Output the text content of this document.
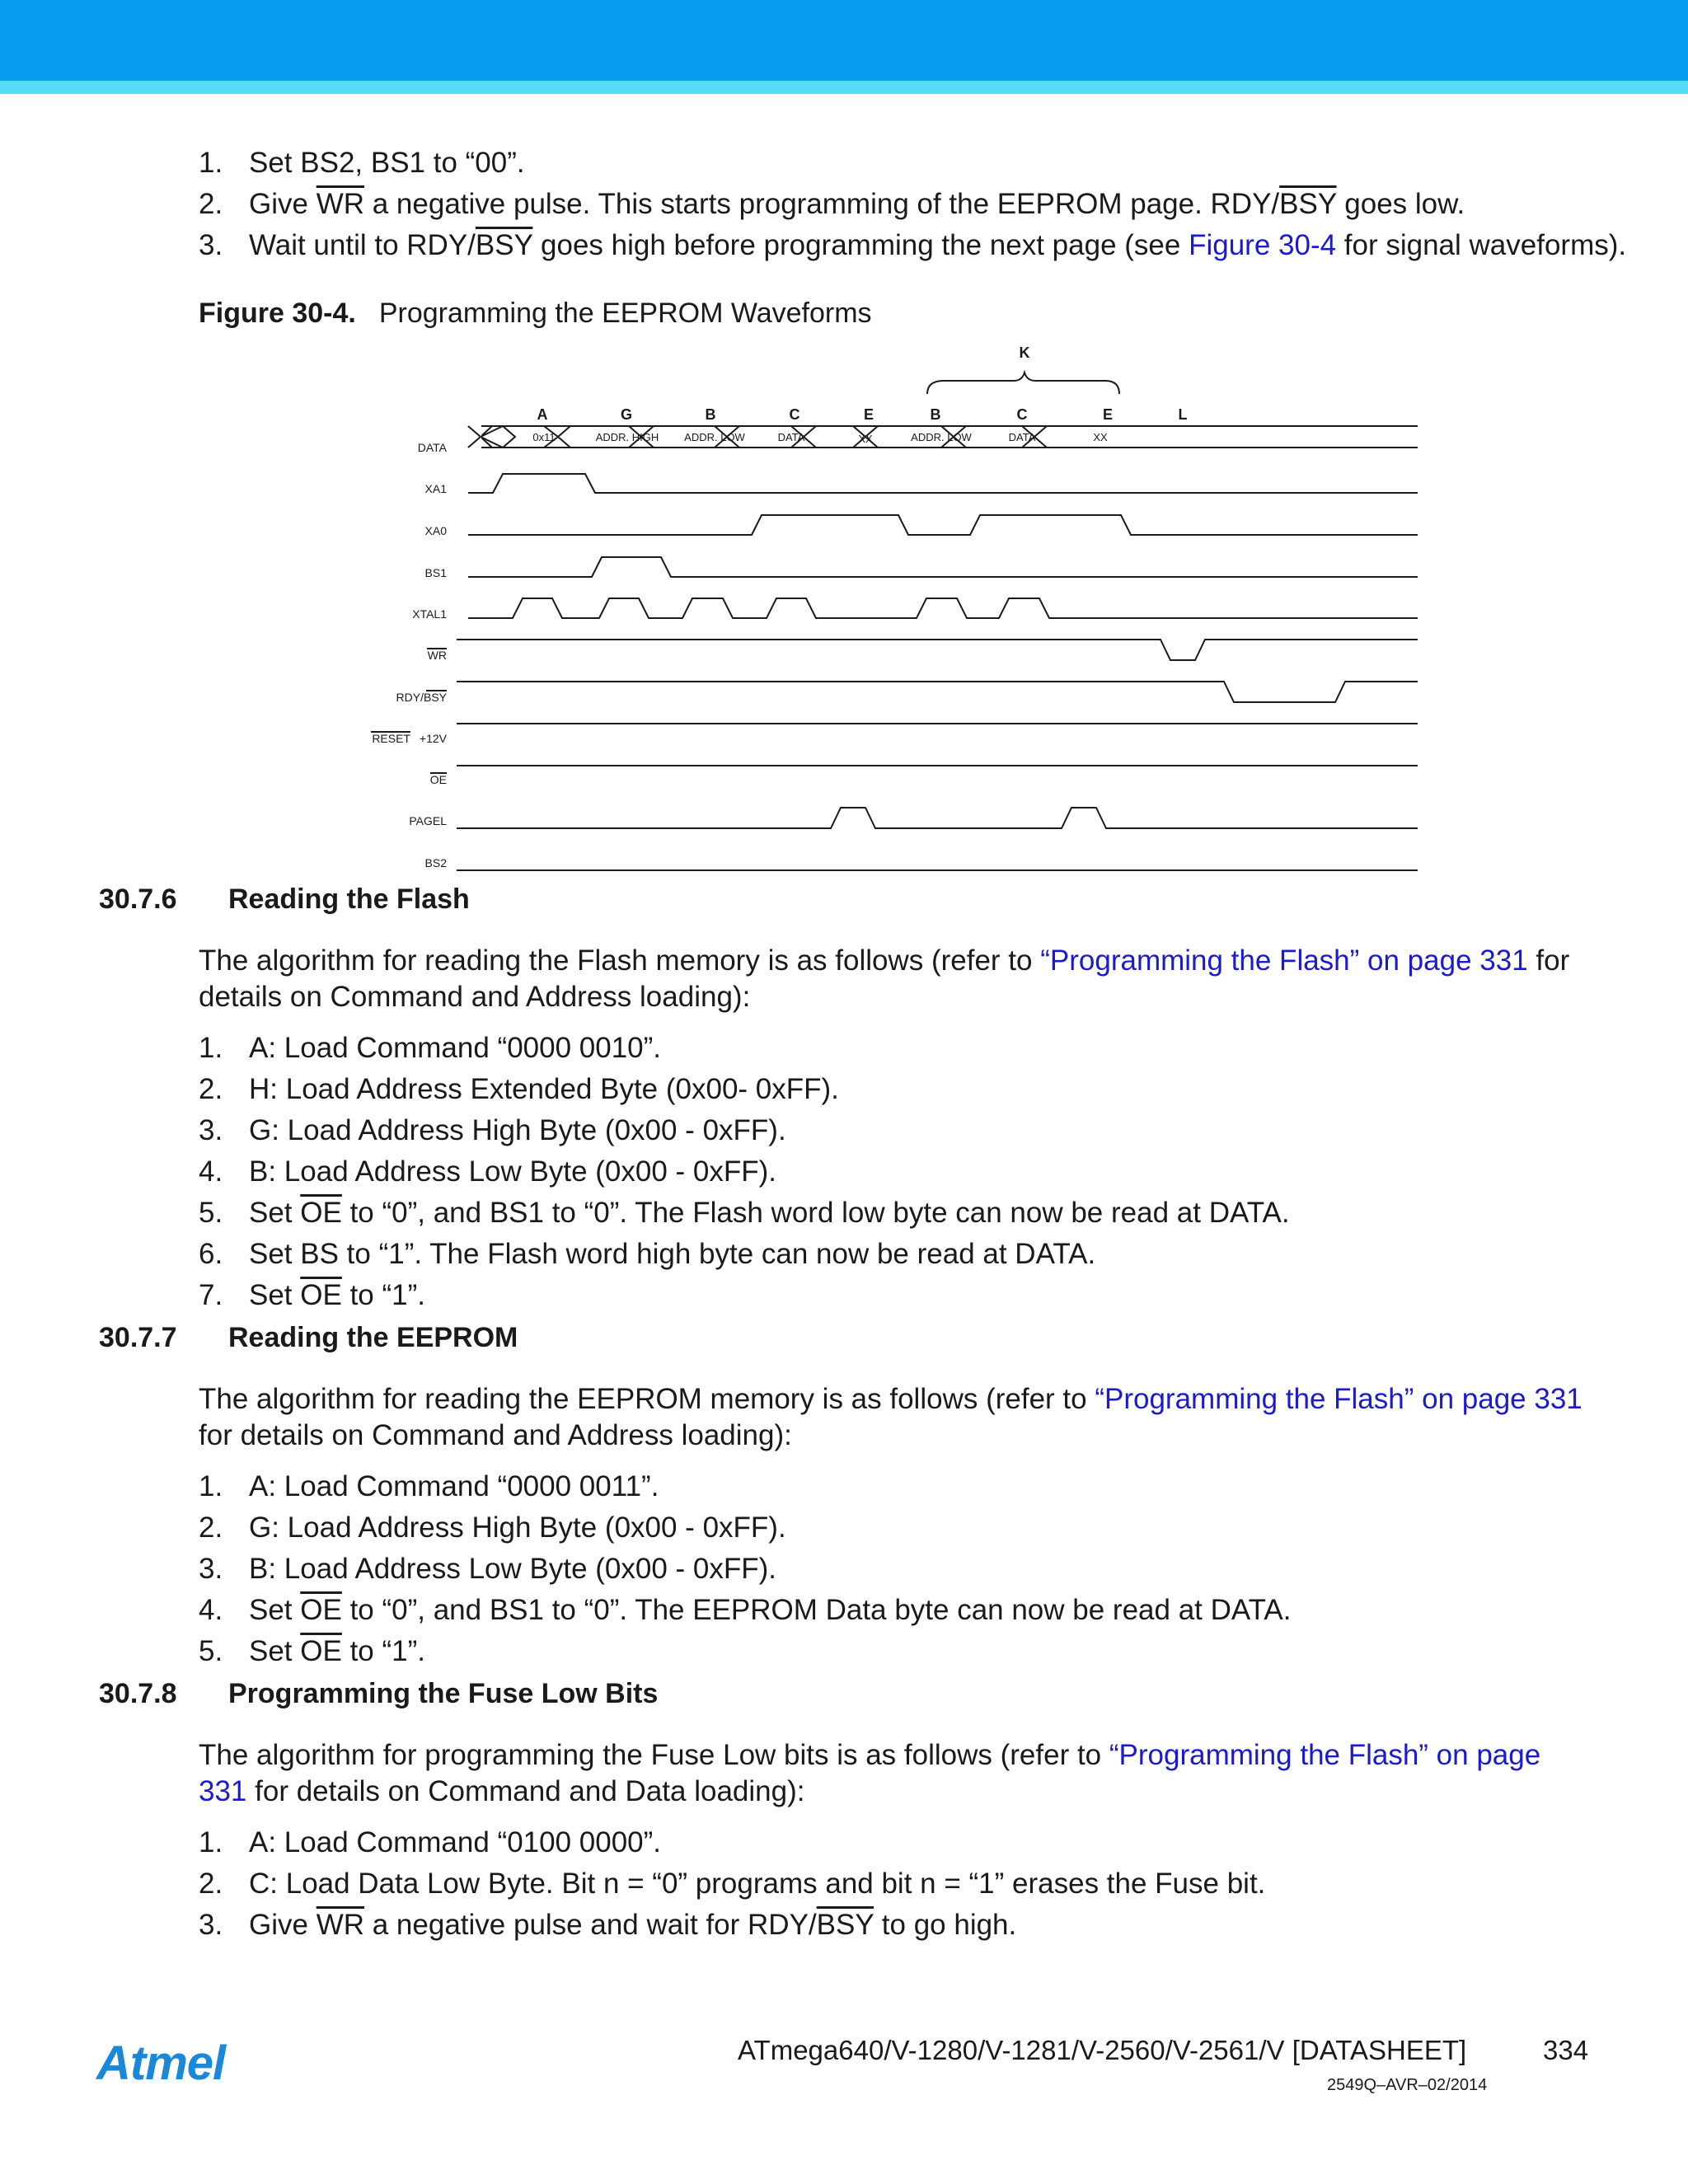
1. Set BS2, BS1 to “00”.
2. Give $\overline{WR}$ a negative pulse. This starts programming of the EEPROM page. RDY/$\overline{BSY}$ goes low.
3. Wait until to RDY/$\overline{BSY}$ goes high before programming the next page (see Figure 30-4 for signal waveforms).
Figure 30-4. Programming the EEPROM Waveforms
K
A	G	B	C	E	B	C	E	L
DATA
XA1
XA0
BS1
XTAL1
WR
RDY/BSY
RESET +12V
OE
PAGEL
BS2
0x11	ADDR. HIGH ADDR. LOW	DATA	XX	ADDR. LOW	DATA	XX
30.7.6 Reading the Flash
The algorithm for reading the Flash memory is as follows (refer to “Programming the Flash” on page 331 for details on Command and Address loading):
1. A: Load Command “0000 0010”.
2. H: Load Address Extended Byte (0x00- 0xFF).
3. G: Load Address High Byte (0x00 - 0xFF).
4. B: Load Address Low Byte (0x00 - 0xFF).
5. Set $\overline{OE}$ to “0”, and BS1 to “0”. The Flash word low byte can now be read at DATA.
6. Set BS to “1”. The Flash word high byte can now be read at DATA.
7. Set $\overline{OE}$ to “1”.
30.7.7 Reading the EEPROM
The algorithm for reading the EEPROM memory is as follows (refer to “Programming the Flash” on page 331 for details on Command and Address loading):
1. A: Load Command “0000 0011”.
2. G: Load Address High Byte (0x00 - 0xFF).
3. B: Load Address Low Byte (0x00 - 0xFF).
4. Set $\overline{OE}$ to “0”, and BS1 to “0”. The EEPROM Data byte can now be read at DATA.
5. Set $\overline{OE}$ to “1”.
30.7.8 Programming the Fuse Low Bits
The algorithm for programming the Fuse Low bits is as follows (refer to “Programming the Flash” on page 331 for details on Command and Data loading):
1. A: Load Command “0100 0000”.
2. C: Load Data Low Byte. Bit n = “0” programs and bit n = “1” erases the Fuse bit.
3. Give $\overline{WR}$ a negative pulse and wait for RDY/$\overline{BSY}$ to go high.
Atmel	ATmega640/V-1280/V-1281/V-2560/V-2561/V [DATASHEET]	334
2549Q–AVR–02/2014
